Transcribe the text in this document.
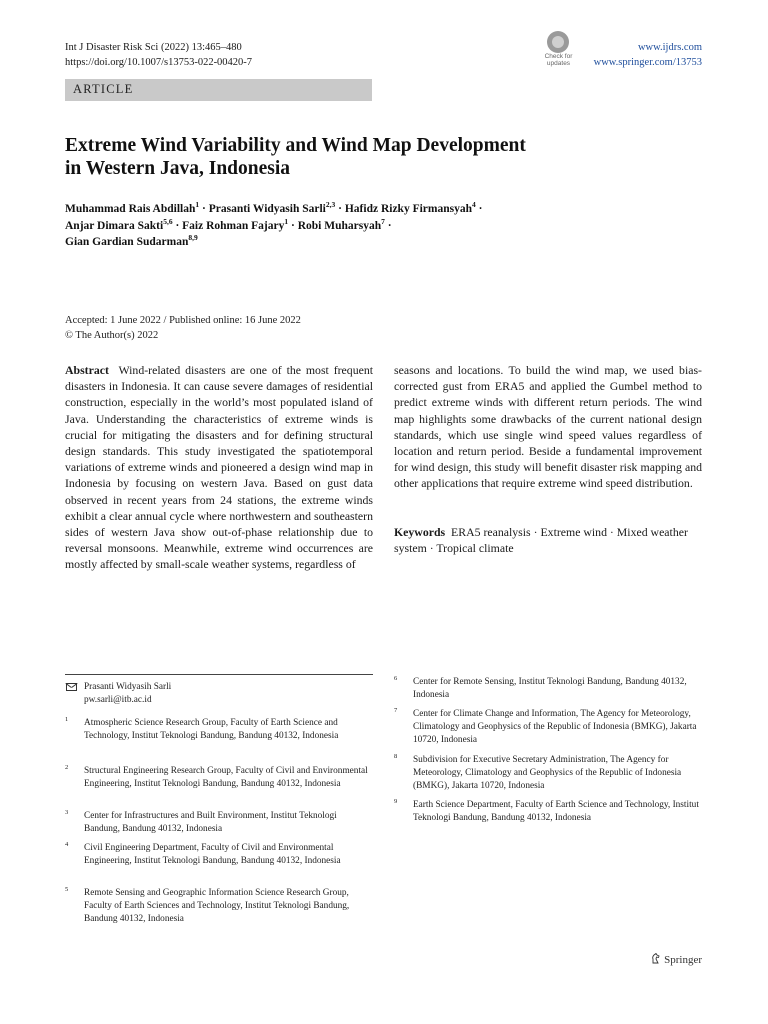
Int J Disaster Risk Sci (2022) 13:465–480
https://doi.org/10.1007/s13753-022-00420-7
Check for
updates
www.ijdrs.com
www.springer.com/13753
ARTICLE
Extreme Wind Variability and Wind Map Development
in Western Java, Indonesia
Muhammad Rais Abdillah$^1$ · Prasanti Widyasih Sarli$^{2,3}$ · Hafidz Rizky Firmansyah$^4$ ·
Anjar Dimara Sakti$^{5,6}$ · Faiz Rohman Fajary$^1$ · Robi Muharsyah$^7$ ·
Gian Gardian Sudarman$^{8,9}$
Accepted: 1 June 2022 / Published online: 16 June 2022
© The Author(s) 2022
Abstract Wind-related disasters are one of the most frequent disasters in Indonesia. It can cause severe damages of residential construction, especially in the world’s most populated island of Java. Understanding the characteristics of extreme winds is crucial for mitigating the disasters and for defining structural design standards. This study investigated the spatiotemporal variations of extreme winds and pioneered a design wind map in Indonesia by focusing on western Java. Based on gust data observed in recent years from 24 stations, the extreme winds exhibit a clear annual cycle where northwestern and southeastern sides of western Java show out-of-phase relationship due to reversal monsoons. Meanwhile, extreme wind occurrences are mostly affected by small-scale weather systems, regardless of
seasons and locations. To build the wind map, we used bias-corrected gust from ERA5 and applied the Gumbel method to predict extreme winds with different return periods. The wind map highlights some drawbacks of the current national design standards, which use single wind speed values regardless of location and return period. Beside a fundamental improvement for wind design, this study will benefit disaster risk mapping and other applications that require extreme wind speed distribution.
Keywords ERA5 reanalysis · Extreme wind · Mixed weather system · Tropical climate
Prasanti Widyasih Sarli
pw.sarli@itb.ac.id
1 Atmospheric Science Research Group, Faculty of Earth Science and Technology, Institut Teknologi Bandung, Bandung 40132, Indonesia
2 Structural Engineering Research Group, Faculty of Civil and Environmental Engineering, Institut Teknologi Bandung, Bandung 40132, Indonesia
3 Center for Infrastructures and Built Environment, Institut Teknologi Bandung, Bandung 40132, Indonesia
4 Civil Engineering Department, Faculty of Civil and Environmental Engineering, Institut Teknologi Bandung, Bandung 40132, Indonesia
5 Remote Sensing and Geographic Information Science Research Group, Faculty of Earth Sciences and Technology, Institut Teknologi Bandung, Bandung 40132, Indonesia
6 Center for Remote Sensing, Institut Teknologi Bandung, Bandung 40132, Indonesia
7 Center for Climate Change and Information, The Agency for Meteorology, Climatology and Geophysics of the Republic of Indonesia (BMKG), Jakarta 10720, Indonesia
8 Subdivision for Executive Secretary Administration, The Agency for Meteorology, Climatology and Geophysics of the Republic of Indonesia (BMKG), Jakarta 10720, Indonesia
9 Earth Science Department, Faculty of Earth Science and Technology, Institut Teknologi Bandung, Bandung 40132, Indonesia
Springer
